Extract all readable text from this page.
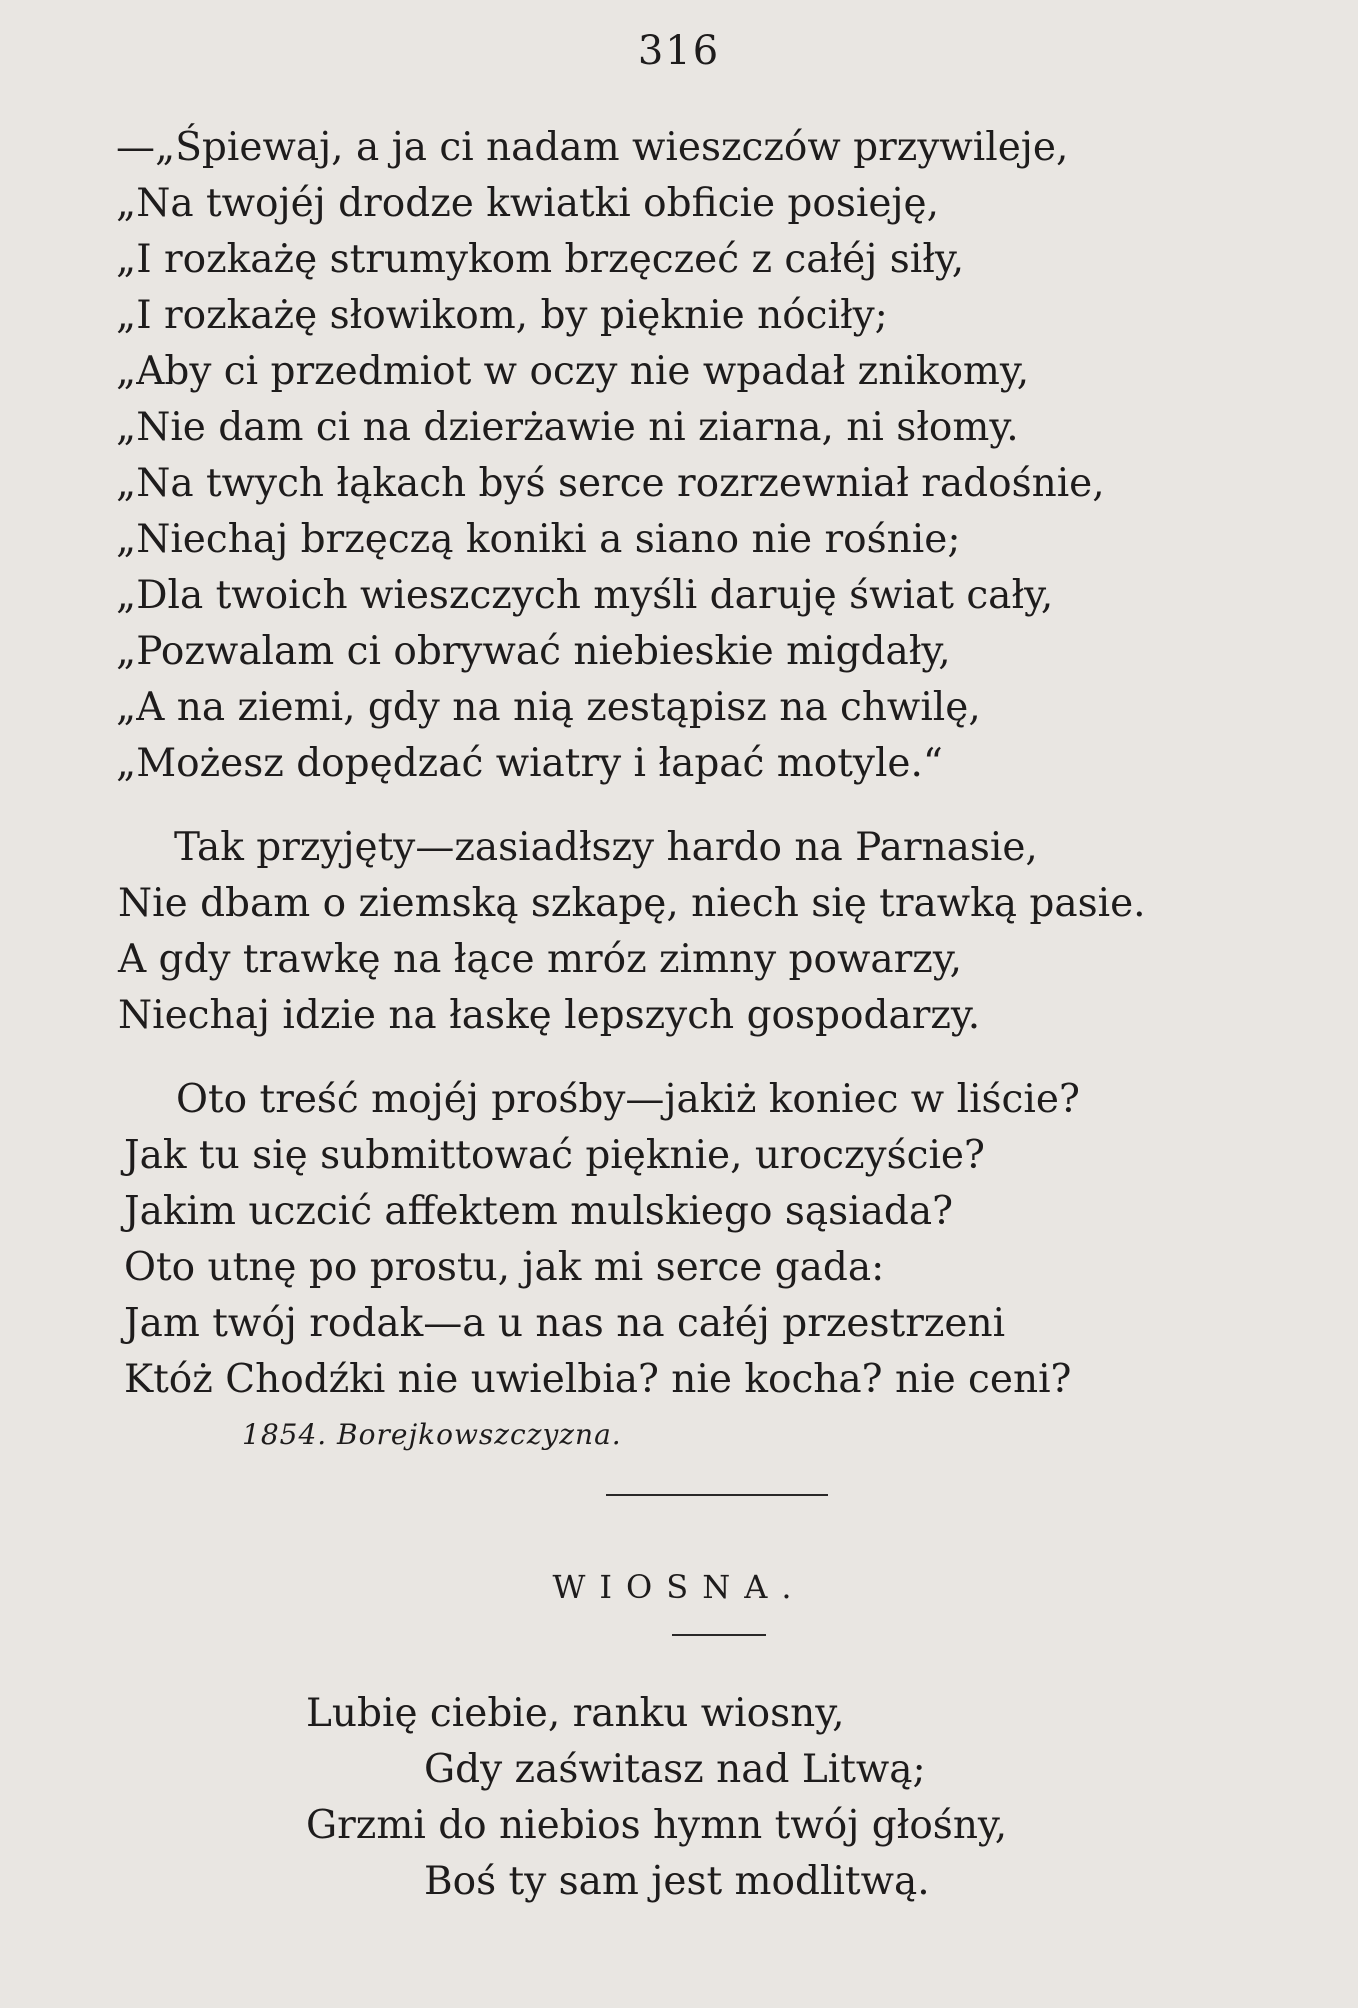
316
—„Śpiewaj, a ja ci nadam wieszczów przywileje,
„Na twojéj drodze kwiatki obficie posieję,
„I rozkażę strumykom brzęczeć z całéj siły,
„I rozkażę słowikom, by pięknie nóciły;
„Aby ci przedmiot w oczy nie wpadał znikomy,
„Nie dam ci na dzierżawie ni ziarna, ni słomy.
„Na twych łąkach byś serce rozrzewniał radośnie,
„Niechaj brzęczą koniki a siano nie rośnie;
„Dla twoich wieszczych myśli daruję świat cały,
„Pozwalam ci obrywać niebieskie migdały,
„A na ziemi, gdy na nią zestąpisz na chwilę,
„Możesz dopędzać wiatry i łapać motyle.“
Tak przyjęty—zasiadłszy hardo na Parnasie,
Nie dbam o ziemską szkapę, niech się trawką pasie.
A gdy trawkę na łące mróz zimny powarzy,
Niechaj idzie na łaskę lepszych gospodarzy.
Oto treść mojéj prośby—jakiż koniec w liście?
Jak tu się submittować pięknie, uroczyście?
Jakim uczcić affektem mulskiego sąsiada?
Oto utnę po prostu, jak mi serce gada:
Jam twój rodak—a u nas na całéj przestrzeni
Któż Chodźki nie uwielbia? nie kocha? nie ceni?
1854. Borejkowszczyzna.
WIOSNA.
Lubię ciebie, ranku wiosny,
Gdy zaświtasz nad Litwą;
Grzmi do niebios hymn twój głośny,
Boś ty sam jest modlitwą.
